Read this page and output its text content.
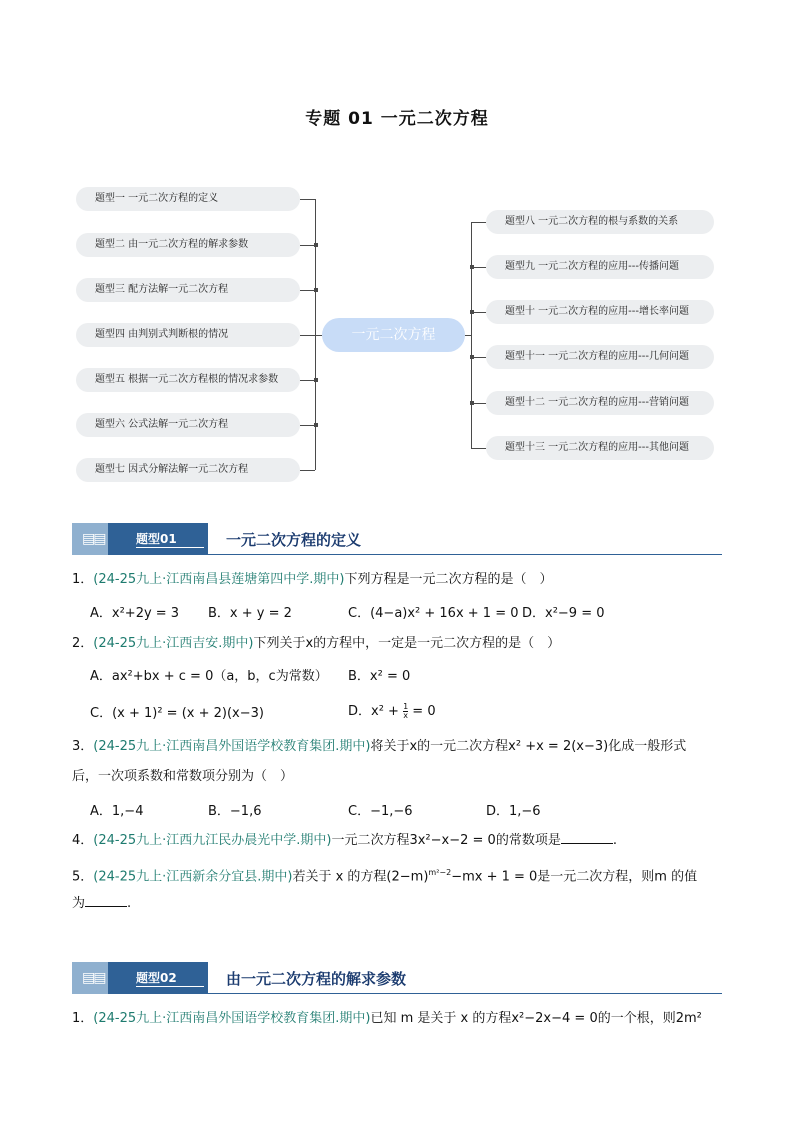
专题 01 一元二次方程
题型一 一元二次方程的定义
题型二 由一元二次方程的解求参数
题型三 配方法解一元二次方程
题型四 由判别式判断根的情况
题型五 根据一元二次方程根的情况求参数
题型六 公式法解一元二次方程
题型七 因式分解法解一元二次方程
一元二次方程
题型八 一元二次方程的根与系数的关系
题型九 一元二次方程的应用---传播问题
题型十 一元二次方程的应用---增长率问题
题型十一 一元二次方程的应用---几何问题
题型十二 一元二次方程的应用---营销问题
题型十三 一元二次方程的应用---其他问题
▤▤	题型01	一元二次方程的定义
1．(24-25九上·江西南昌县莲塘第四中学.期中)下列方程是一元二次方程的是（　）
A．x²+2y = 3 B．x + y = 2	C．(4−a)x² + 16x + 1 = 0 D．x²−9 = 0
2．(24-25九上·江西吉安.期中)下列关于x的方程中，一定是一元二次方程的是（　）
A．ax²+bx + c = 0（a，b，c为常数） B．x² = 0
C．(x + 1)² = (x + 2)(x−3)	D．$x^2 + \frac{1}{x} = 0$
3．(24-25九上·江西南昌外国语学校教育集团.期中)将关于x的一元二次方程x² +x = 2(x−3)化成一般形式
后，一次项系数和常数项分别为（　）
A．1,−4	B．−1,6	C．−1,−6	D．1,−6
4．(24-25九上·江西九江民办晨光中学.期中)一元二次方程3x²−x−2 = 0的常数项是	.
5．(24-25九上·江西新余分宜县.期中)若关于 x 的方程$(2-m)^{m^2-2}-mx + 1 = 0$是一元二次方程，则m 的值
为	.
▤▤	题型02	由一元二次方程的解求参数
1．(24-25九上·江西南昌外国语学校教育集团.期中)已知 m 是关于 x 的方程x²−2x−4 = 0的一个根，则2m²
